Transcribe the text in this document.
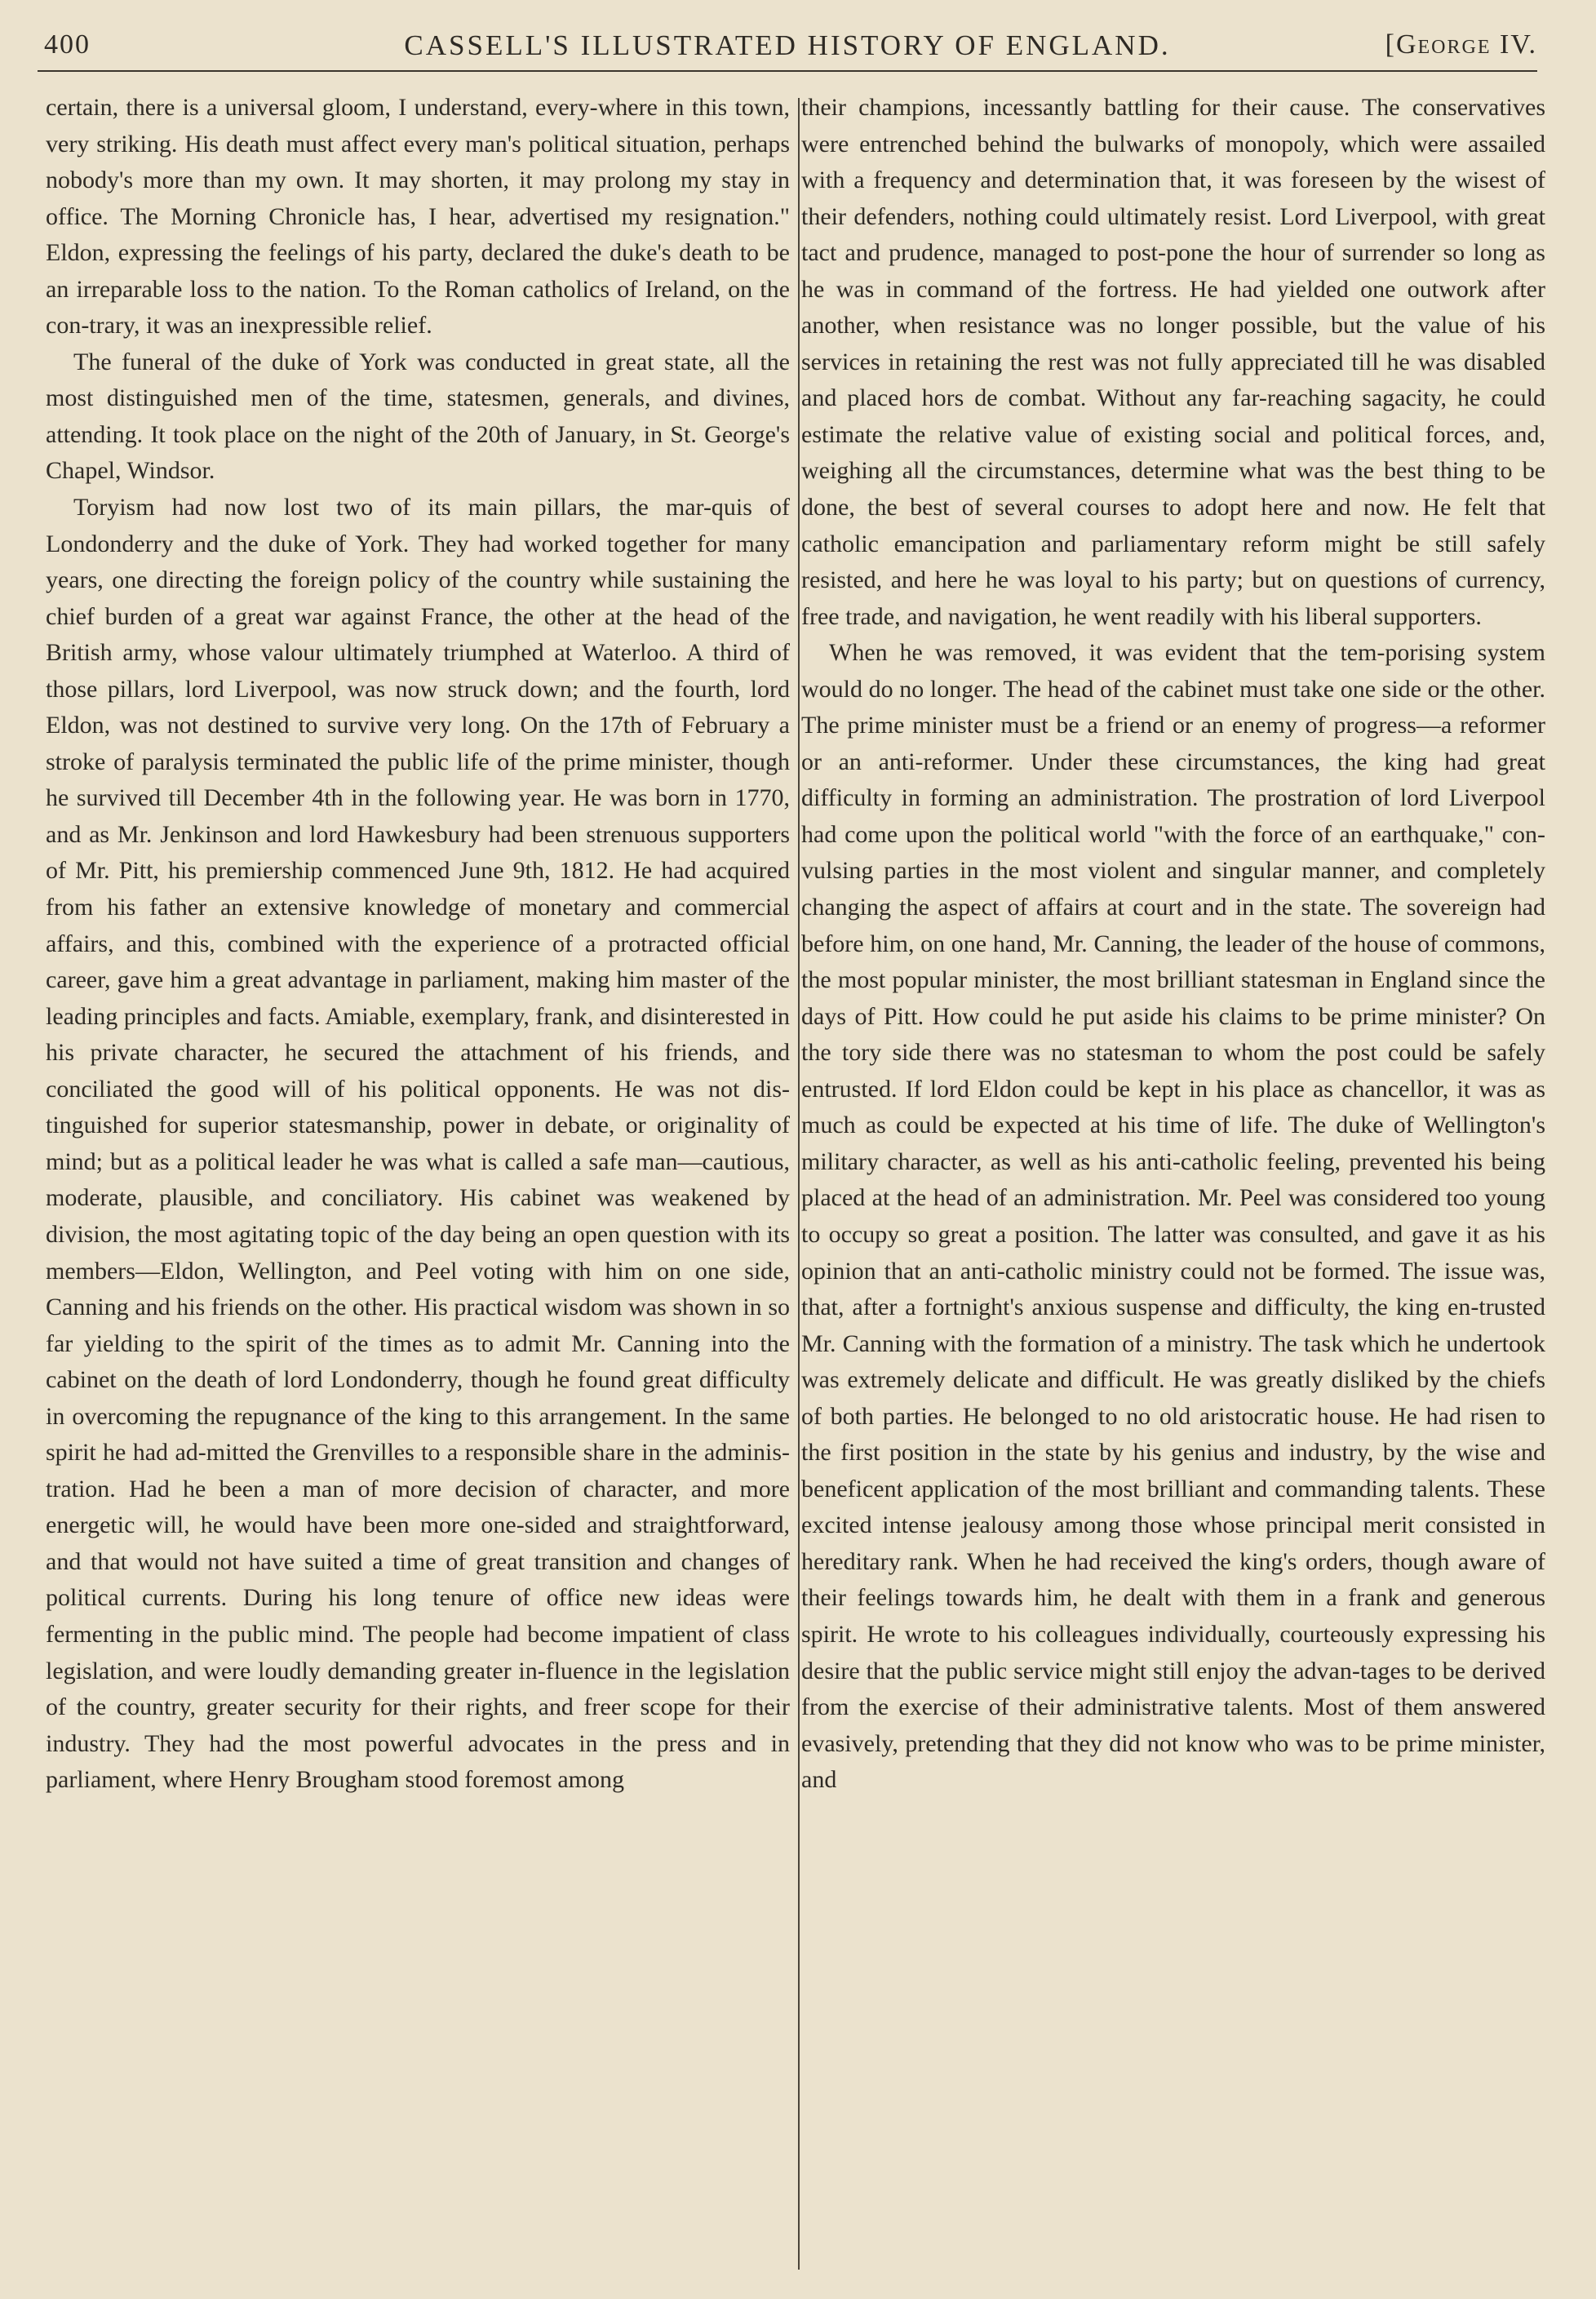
400	CASSELL'S ILLUSTRATED HISTORY OF ENGLAND.	[George IV.

certain, there is a universal gloom, I understand, every-where in this town, very striking. His death must affect every man's political situation, perhaps nobody's more than my own. It may shorten, it may prolong my stay in office. The Morning Chronicle has, I hear, advertised my resignation." Eldon, expressing the feelings of his party, declared the duke's death to be an irreparable loss to the nation. To the Roman catholics of Ireland, on the con-trary, it was an inexpressible relief.

The funeral of the duke of York was conducted in great state, all the most distinguished men of the time, statesmen, generals, and divines, attending. It took place on the night of the 20th of January, in St. George's Chapel, Windsor.

Toryism had now lost two of its main pillars, the mar-quis of Londonderry and the duke of York. They had worked together for many years, one directing the foreign policy of the country while sustaining the chief burden of a great war against France, the other at the head of the British army, whose valour ultimately triumphed at Waterloo. A third of those pillars, lord Liverpool, was now struck down; and the fourth, lord Eldon, was not destined to survive very long. On the 17th of February a stroke of paralysis terminated the public life of the prime minister, though he survived till December 4th in the following year. He was born in 1770, and as Mr. Jenkinson and lord Hawkesbury had been strenuous supporters of Mr. Pitt, his premiership commenced June 9th, 1812. He had acquired from his father an extensive knowledge of monetary and commercial affairs, and this, combined with the experience of a protracted official career, gave him a great advantage in parliament, making him master of the leading principles and facts. Amiable, exemplary, frank, and disinterested in his private character, he secured the attachment of his friends, and conciliated the good will of his political opponents. He was not dis-tinguished for superior statesmanship, power in debate, or originality of mind; but as a political leader he was what is called a safe man—cautious, moderate, plausible, and conciliatory. His cabinet was weakened by division, the most agitating topic of the day being an open question with its members—Eldon, Wellington, and Peel voting with him on one side, Canning and his friends on the other. His practical wisdom was shown in so far yielding to the spirit of the times as to admit Mr. Canning into the cabinet on the death of lord Londonderry, though he found great difficulty in overcoming the repugnance of the king to this arrangement. In the same spirit he had ad-mitted the Grenvilles to a responsible share in the adminis-tration. Had he been a man of more decision of character, and more energetic will, he would have been more one-sided and straightforward, and that would not have suited a time of great transition and changes of political currents. During his long tenure of office new ideas were fermenting in the public mind. The people had become impatient of class legislation, and were loudly demanding greater in-fluence in the legislation of the country, greater security for their rights, and freer scope for their industry. They had the most powerful advocates in the press and in parliament, where Henry Brougham stood foremost among

their champions, incessantly battling for their cause. The conservatives were entrenched behind the bulwarks of monopoly, which were assailed with a frequency and determination that, it was foreseen by the wisest of their defenders, nothing could ultimately resist. Lord Liverpool, with great tact and prudence, managed to post-pone the hour of surrender so long as he was in command of the fortress. He had yielded one outwork after another, when resistance was no longer possible, but the value of his services in retaining the rest was not fully appreciated till he was disabled and placed hors de combat. Without any far-reaching sagacity, he could estimate the relative value of existing social and political forces, and, weighing all the circumstances, determine what was the best thing to be done, the best of several courses to adopt here and now. He felt that catholic emancipation and parliamentary reform might be still safely resisted, and here he was loyal to his party; but on questions of currency, free trade, and navigation, he went readily with his liberal supporters.

When he was removed, it was evident that the tem-porising system would do no longer. The head of the cabinet must take one side or the other. The prime minister must be a friend or an enemy of progress—a reformer or an anti-reformer. Under these circumstances, the king had great difficulty in forming an administration. The prostration of lord Liverpool had come upon the political world "with the force of an earthquake," con-vulsing parties in the most violent and singular manner, and completely changing the aspect of affairs at court and in the state. The sovereign had before him, on one hand, Mr. Canning, the leader of the house of commons, the most popular minister, the most brilliant statesman in England since the days of Pitt. How could he put aside his claims to be prime minister? On the tory side there was no statesman to whom the post could be safely entrusted. If lord Eldon could be kept in his place as chancellor, it was as much as could be expected at his time of life. The duke of Wellington's military character, as well as his anti-catholic feeling, prevented his being placed at the head of an administration. Mr. Peel was considered too young to occupy so great a position. The latter was consulted, and gave it as his opinion that an anti-catholic ministry could not be formed. The issue was, that, after a fortnight's anxious suspense and difficulty, the king en-trusted Mr. Canning with the formation of a ministry. The task which he undertook was extremely delicate and difficult. He was greatly disliked by the chiefs of both parties. He belonged to no old aristocratic house. He had risen to the first position in the state by his genius and industry, by the wise and beneficent application of the most brilliant and commanding talents. These excited intense jealousy among those whose principal merit consisted in hereditary rank. When he had received the king's orders, though aware of their feelings towards him, he dealt with them in a frank and generous spirit. He wrote to his colleagues individually, courteously expressing his desire that the public service might still enjoy the advan-tages to be derived from the exercise of their administrative talents. Most of them answered evasively, pretending that they did not know who was to be prime minister, and
